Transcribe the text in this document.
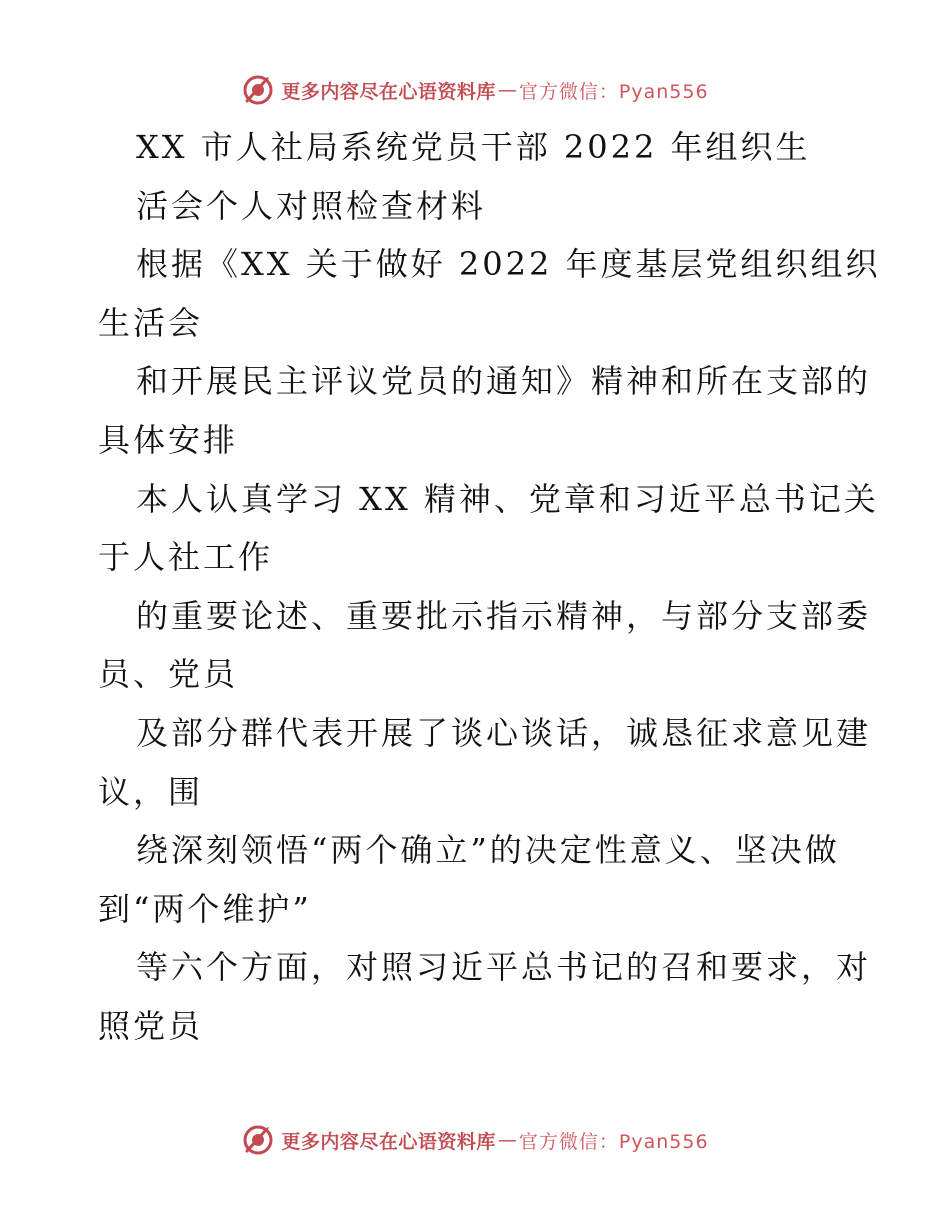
更多内容尽在心语资料库 — 官方微信：Pyan556
XX 市人社局系统党员干部 2022 年组织生
活会个人对照检查材料
根据《XX 关于做好 2022 年度基层党组织组织
生活会
和开展民主评议党员的通知》精神和所在支部的
具体安排
本人认真学习 XX 精神、党章和习近平总书记关
于人社工作
的重要论述、重要批示指示精神，与部分支部委
员、党员
及部分群代表开展了谈心谈话，诚恳征求意见建
议，围
绕深刻领悟“两个确立”的决定性意义、坚决做
到“两个维护”
等六个方面，对照习近平总书记的召和要求，对
照党员
更多内容尽在心语资料库 — 官方微信：Pyan556
